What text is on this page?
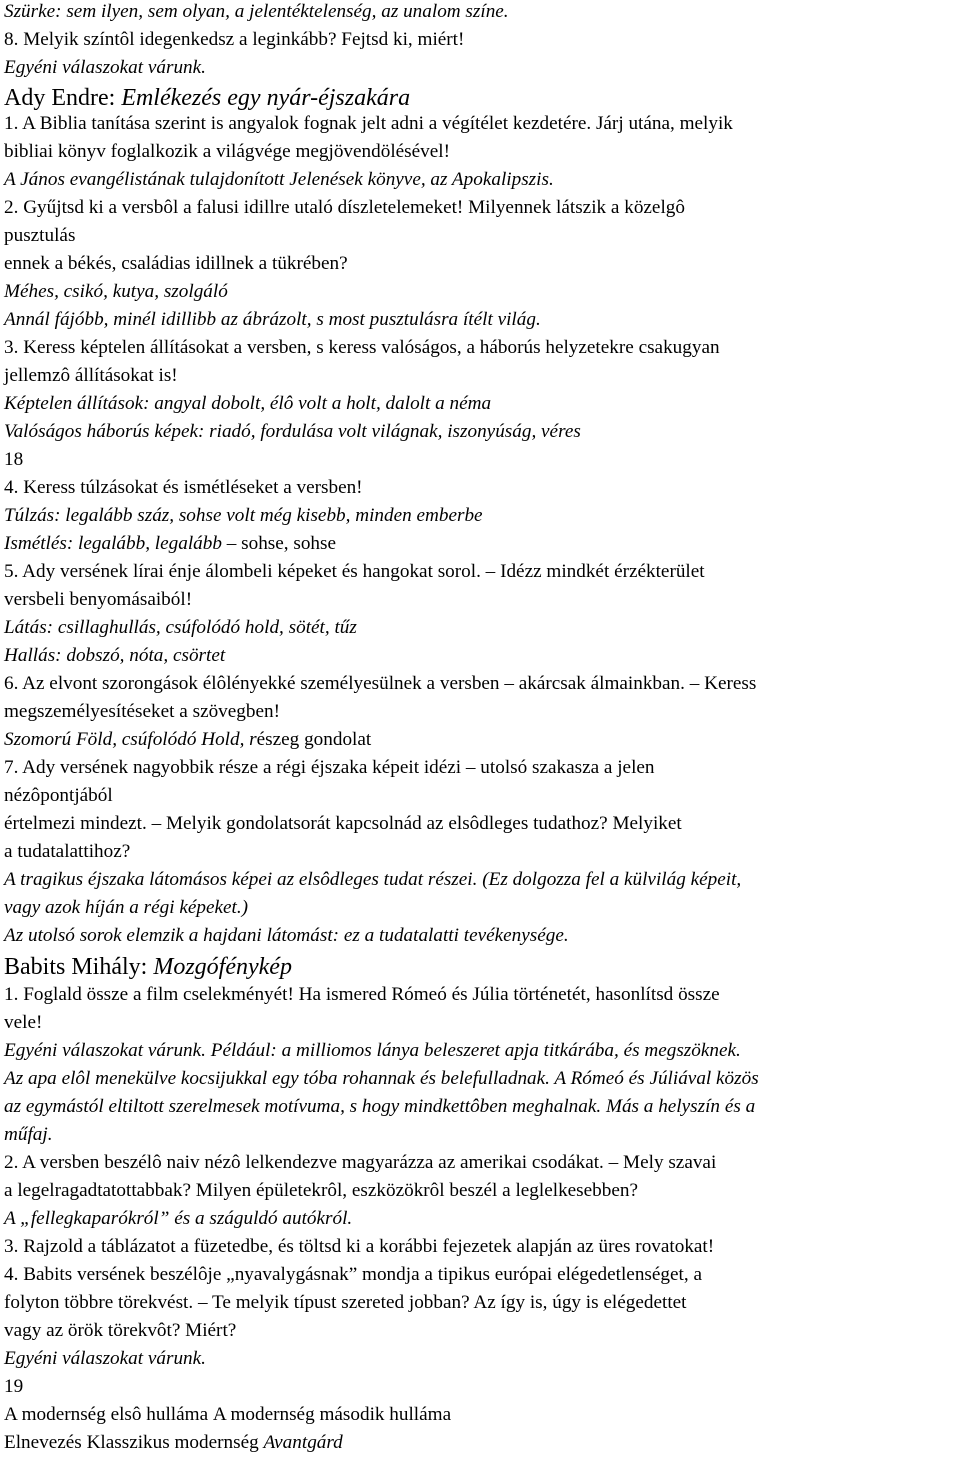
Szürke: sem ilyen, sem olyan, a jelentéktelenség, az unalom színe.
8. Melyik színtôl idegenkedsz a leginkább? Fejtsd ki, miért!
Egyéni válaszokat várunk.
Ady Endre: Emlékezés egy nyár-éjszakára
1. A Biblia tanítása szerint is angyalok fognak jelt adni a végítélet kezdetére. Járj utána, melyik
bibliai könyv foglalkozik a világvége megjövendölésével!
A János evangélistának tulajdonított Jelenések könyve, az Apokalipszis.
2. Gyűjtsd ki a versbôl a falusi idillre utaló díszletelemeket! Milyennek látszik a közelgô
pusztulás
ennek a békés, családias idillnek a tükrében?
Méhes, csikó, kutya, szolgáló
Annál fájóbb, minél idillibb az ábrázolt, s most pusztulásra ítélt világ.
3. Keress képtelen állításokat a versben, s keress valóságos, a háborús helyzetekre csakugyan
jellemzô állításokat is!
Képtelen állítások: angyal dobolt, élô volt a holt, dalolt a néma
Valóságos háborús képek: riadó, fordulása volt világnak, iszonyúság, véres
18
4. Keress túlzásokat és ismétléseket a versben!
Túlzás: legalább száz, sohse volt még kisebb, minden emberbe
Ismétlés: legalább, legalább – sohse, sohse
5. Ady versének lírai énje álombeli képeket és hangokat sorol. – Idézz mindkét érzékterület
versbeli benyomásaiból!
Látás: csillaghullás, csúfolódó hold, sötét, tűz
Hallás: dobszó, nóta, csörtet
6. Az elvont szorongások élôlényekké személyesülnek a versben – akárcsak álmainkban. – Keress
megszemélyesítéseket a szövegben!
Szomorú Föld, csúfolódó Hold, részeg gondolat
7. Ady versének nagyobbik része a régi éjszaka képeit idézi – utolsó szakasza a jelen
nézôpontjából
értelmezi mindezt. – Melyik gondolatsorát kapcsolnád az elsôdleges tudathoz? Melyiket
a tudatalattihoz?
A tragikus éjszaka látomásos képei az elsôdleges tudat részei. (Ez dolgozza fel a külvilág képeit,
vagy azok híján a régi képeket.)
Az utolsó sorok elemzik a hajdani látomást: ez a tudatalatti tevékenysége.
Babits Mihály: Mozgófénykép
1. Foglald össze a film cselekményét! Ha ismered Rómeó és Júlia történetét, hasonlítsd össze
vele!
Egyéni válaszokat várunk. Például: a milliomos lánya beleszeret apja titkárába, és megszöknek.
Az apa elôl menekülve kocsijukkal egy tóba rohannak és belefulladnak. A Rómeó és Júliával közös
az egymástól eltiltott szerelmesek motívuma, s hogy mindkettôben meghalnak. Más a helyszín és a
műfaj.
2. A versben beszélô naiv nézô lelkendezve magyarázza az amerikai csodákat. – Mely szavai
a legelragadtatottabbak? Milyen épületekrôl, eszközökrôl beszél a leglelkesebben?
A „fellegkaparókról” és a száguldó autókról.
3. Rajzold a táblázatot a füzetedbe, és töltsd ki a korábbi fejezetek alapján az üres rovatokat!
4. Babits versének beszélôje „nyavalygásnak” mondja a tipikus európai elégedetlenséget, a
folyton többre törekvést. – Te melyik típust szereted jobban? Az így is, úgy is elégedettet
vagy az örök törekvôt? Miért?
Egyéni válaszokat várunk.
19
A modernség elsô hullámа A modernség második hullámа
Elnevezés Klasszikus modernség Avantgárd
